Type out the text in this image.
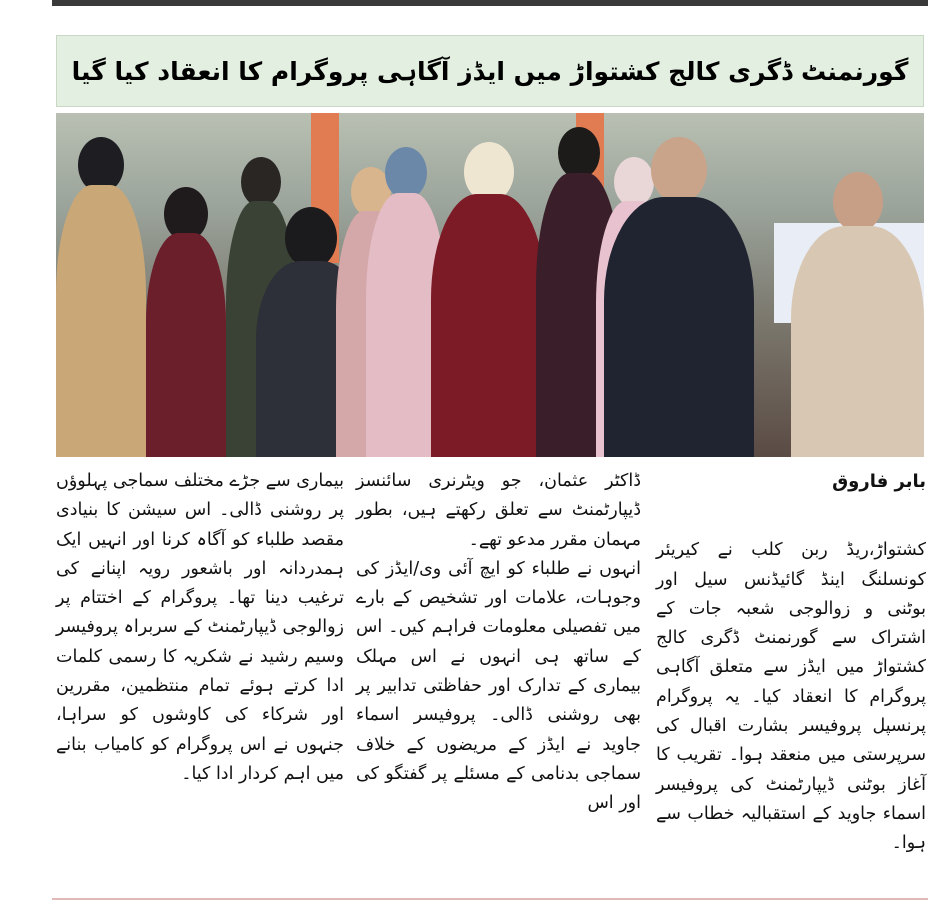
گورنمنٹ ڈگری کالج کشتواڑ میں ایڈز آگاہی پروگرام کا انعقاد کیا گیا
بابر فاروق

کشتواڑ،ریڈ ربن کلب نے کیریئر کونسلنگ اینڈ گائیڈنس سیل اور بوٹنی و زوالوجی شعبہ جات کے اشتراک سے گورنمنٹ ڈگری کالج کشتواڑ میں ایڈز سے متعلق آگاہی پروگرام کا انعقاد کیا۔ یہ پروگرام پرنسپل پروفیسر بشارت اقبال کی سرپرستی میں منعقد ہوا۔ تقریب کا آغاز بوٹنی ڈیپارٹمنٹ کی پروفیسر اسماء جاوید کے استقبالیہ خطاب سے ہوا۔

ڈاکٹر عثمان، جو ویٹرنری سائنسز ڈیپارٹمنٹ سے تعلق رکھتے ہیں، بطور مہمان مقرر مدعو تھے۔

انہوں نے طلباء کو ایچ آئی وی/ایڈز کی وجوہات، علامات اور تشخیص کے بارے میں تفصیلی معلومات فراہم کیں۔ اس کے ساتھ ہی انہوں نے اس مہلک بیماری کے تدارک اور حفاظتی تدابیر پر بھی روشنی ڈالی۔ پروفیسر اسماء جاوید نے ایڈز کے مریضوں کے خلاف سماجی بدنامی کے مسئلے پر گفتگو کی اور اس

بیماری سے جڑے مختلف سماجی پہلوؤں پر روشنی ڈالی۔ اس سیشن کا بنیادی مقصد طلباء کو آگاہ کرنا اور انہیں ایک ہمدردانہ اور باشعور رویہ اپنانے کی ترغیب دینا تھا۔ پروگرام کے اختتام پر زوالوجی ڈیپارٹمنٹ کے سربراہ پروفیسر وسیم رشید نے شکریہ کا رسمی کلمات ادا کرتے ہوئے تمام منتظمین، مقررین اور شرکاء کی کاوشوں کو سراہا، جنہوں نے اس پروگرام کو کامیاب بنانے میں اہم کردار ادا کیا۔
